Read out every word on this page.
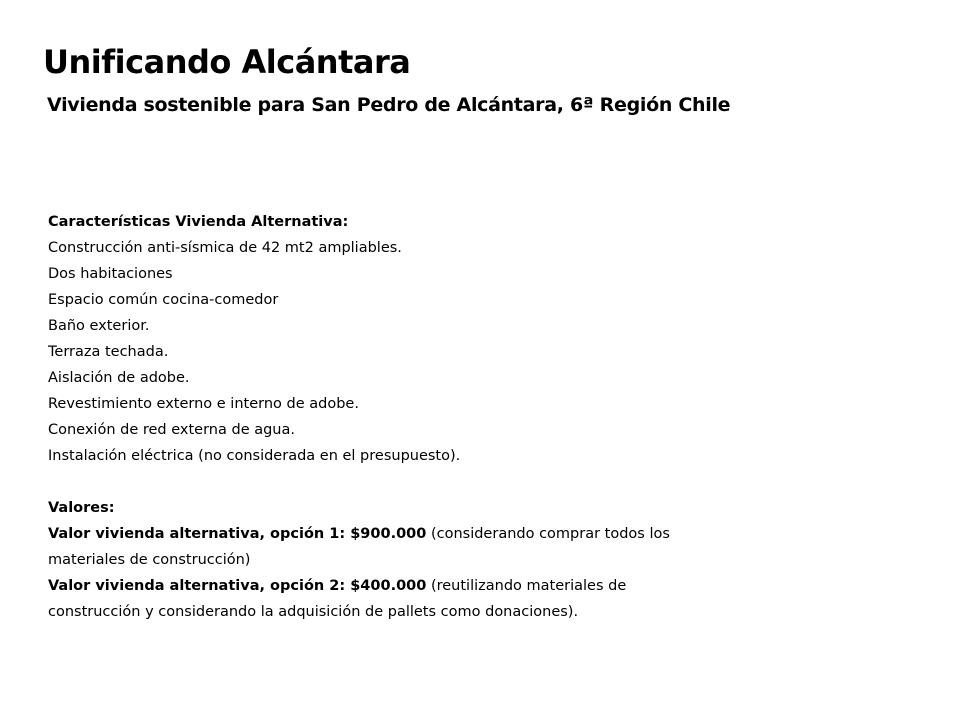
Unificando Alcántara
Vivienda sostenible para San Pedro de Alcántara, 6ª Región Chile
Características Vivienda Alternativa:
Construcción anti-sísmica de 42 mt2 ampliables.
Dos habitaciones
Espacio común cocina-comedor
Baño exterior.
Terraza techada.
Aislación de adobe.
Revestimiento externo e interno de adobe.
Conexión de red externa de agua.
Instalación eléctrica (no considerada en el presupuesto).
Valores:
Valor vivienda alternativa, opción 1: $900.000 (considerando comprar todos los
materiales de construcción)
Valor vivienda alternativa, opción 2: $400.000 (reutilizando materiales de
construcción y considerando la adquisición de pallets como donaciones).
